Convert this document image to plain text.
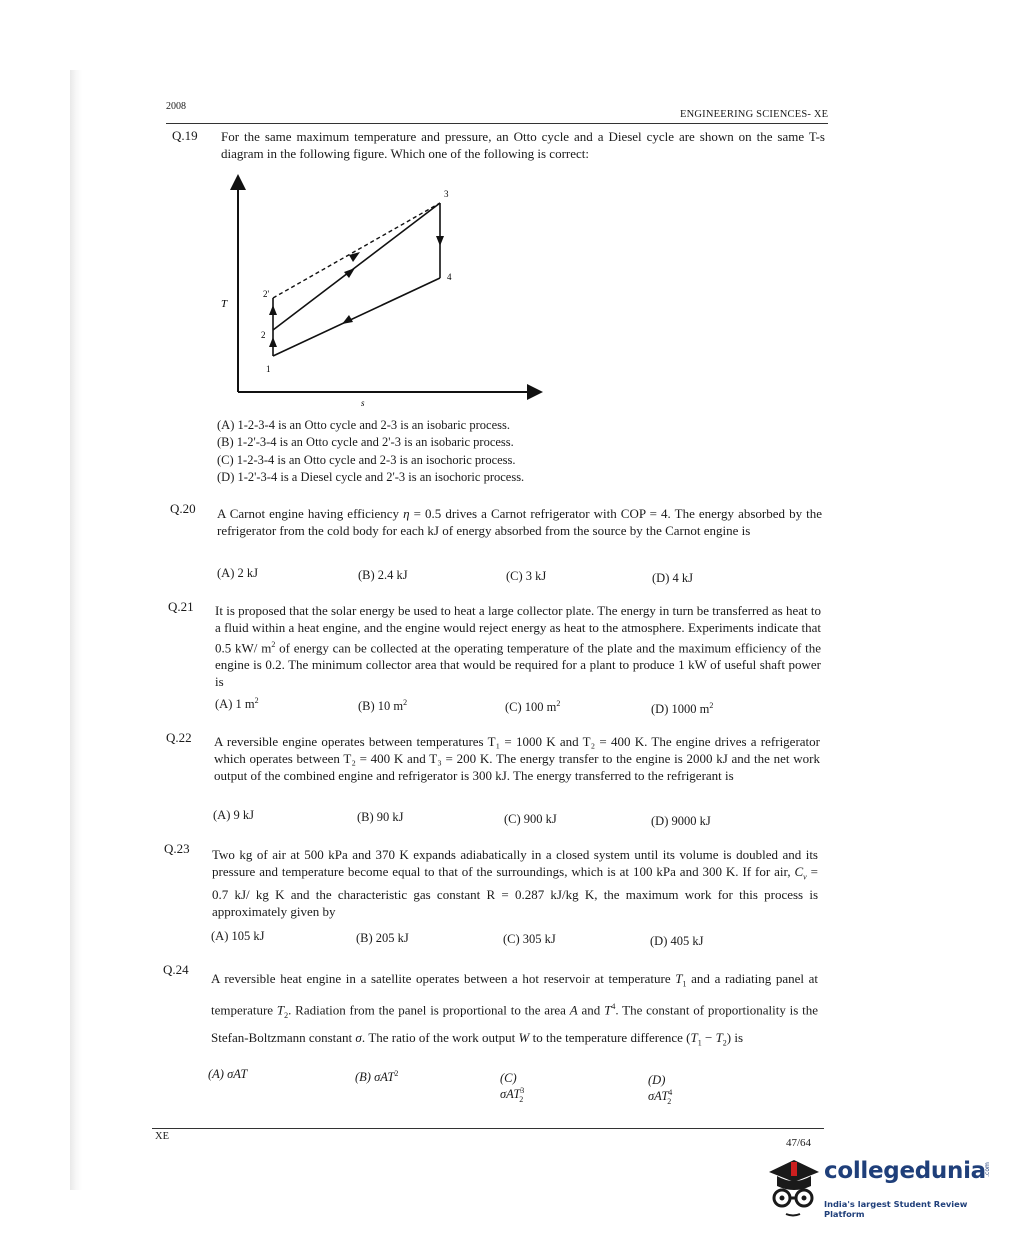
2008
ENGINEERING SCIENCES- XE
Q.19 For the same maximum temperature and pressure, an Otto cycle and a Diesel cycle are shown on the same T-s diagram in the following figure. Which one of the following is correct:
T
s
1
2
2'
3
4
(A) 1-2-3-4 is an Otto cycle and 2-3 is an isobaric process.
(B) 1-2'-3-4 is an Otto cycle and 2'-3 is an isobaric process.
(C) 1-2-3-4 is an Otto cycle and 2-3 is an isochoric process.
(D) 1-2'-3-4 is a Diesel cycle and 2'-3 is an isochoric process.
Q.20 A Carnot engine having efficiency η = 0.5 drives a Carnot refrigerator with COP = 4. The energy absorbed by the refrigerator from the cold body for each kJ of energy absorbed from the source by the Carnot engine is
(A) 2 kJ	(B) 2.4 kJ	(C) 3 kJ	(D) 4 kJ
Q.21 It is proposed that the solar energy be used to heat a large collector plate. The energy in turn be transferred as heat to a fluid within a heat engine, and the engine would reject energy as heat to the atmosphere. Experiments indicate that 0.5 kW/ $m^2$ of energy can be collected at the operating temperature of the plate and the maximum efficiency of the engine is 0.2. The minimum collector area that would be required for a plant to produce 1 kW of useful shaft power is
(A) 1 $m^2$	(B) 10 $m^2$	(C) 100 $m^2$	(D) 1000 $m^2$
Q.22 A reversible engine operates between temperatures T₁ = 1000 K and T₂ = 400 K. The engine drives a refrigerator which operates between T₂ = 400 K and T₃ = 200 K. The energy transfer to the engine is 2000 kJ and the net work output of the combined engine and refrigerator is 300 kJ. The energy transferred to the refrigerant is
(A) 9 kJ	(B) 90 kJ	(C) 900 kJ	(D) 9000 kJ
Q.23 Two kg of air at 500 kPa and 370 K expands adiabatically in a closed system until its volume is doubled and its pressure and temperature become equal to that of the surroundings, which is at 100 kPa and 300 K. If for air, $C_v = 0.7$ kJ/ kg K and the characteristic gas constant R = 0.287 kJ/kg K, the maximum work for this process is approximately given by
(A) 105 kJ	(B) 205 kJ	(C) 305 kJ	(D) 405 kJ
Q.24
A reversible heat engine in a satellite operates between a hot reservoir at temperature $T_1$ and a radiating panel at temperature $T_2$. Radiation from the panel is proportional to the area A and $T^4$. The constant of proportionality is the Stefan-Boltzmann constant σ. The ratio of the work output W to the temperature difference $(T_1 - T_2)$ is
(A) σAT	(B) σAT$^2$	(C) σAT$^3_2$
(D) σAT$^4_2$
XE
47/64
collegedunia
.com
India's largest Student Review Platform
